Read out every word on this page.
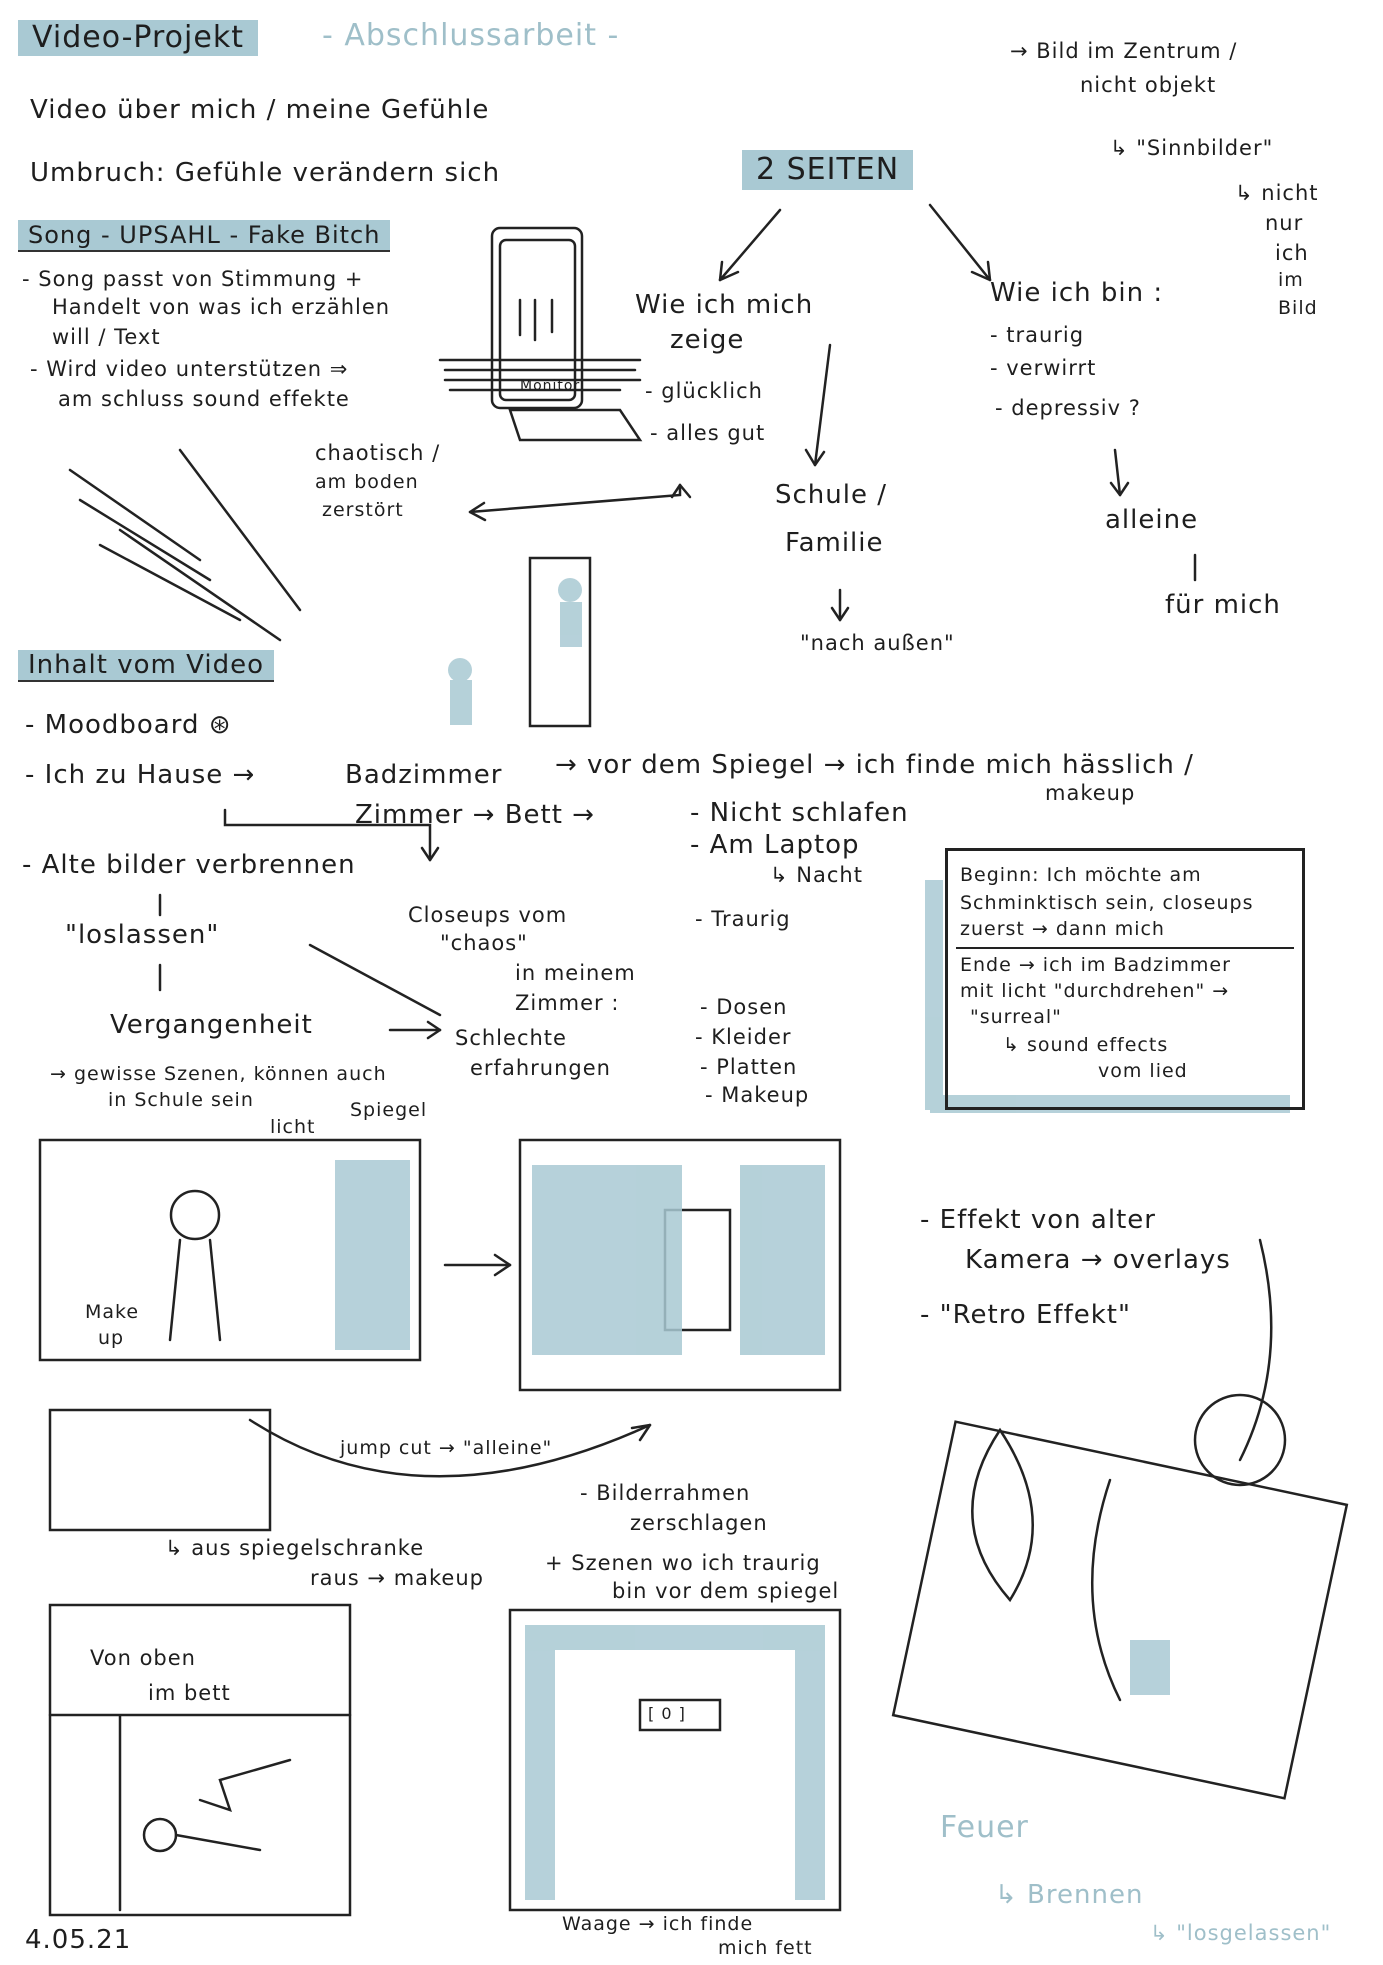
Video-Projekt	- Abschlussarbeit -
Video über mich / meine Gefühle
Umbruch: Gefühle verändern sich
→ Bild im Zentrum /
nicht objekt
↳ "Sinnbilder"
↳ nicht
nur
ich
im
Bild
2 SEITEN
Wie ich mich
zeige
- glücklich
- alles gut
Schule /
Familie
"nach außen"
Wie ich bin :
- traurig
- verwirrt
- depressiv ?
alleine
für mich
Song - UPSAHL - Fake Bitch
- Song passt von Stimmung +
Handelt von was ich erzählen
will / Text
- Wird video unterstützen ⇒
am schluss sound effekte
Monitor
chaotisch /
am boden
zerstört
Inhalt vom Video
- Moodboard ⊛
- Ich zu Hause →	Badzimmer → vor dem Spiegel → ich finde mich hässlich /
makeup
Zimmer → Bett →	- Nicht schlafen
- Am Laptop
↳ Nacht
- Traurig
- Alte bilder verbrennen
"loslassen"
Vergangenheit
→ gewisse Szenen, können auch
in Schule sein
Closeups vom
"chaos"
in meinem
Zimmer :	- Dosen
- Kleider
- Platten
- Makeup
Schlechte
erfahrungen
Beginn: Ich möchte am
Schminktisch sein, closeups
zuerst → dann mich
Ende → ich im Badzimmer
mit licht "durchdrehen" →
"surreal"
↳ sound effects
vom lied
licht
Spiegel
Make
up
- Effekt von alter
Kamera → overlays
- "Retro Effekt"
jump cut → "alleine"
↳ aus spiegelschranke
raus → makeup
- Bilderrahmen
zerschlagen
+ Szenen wo ich traurig
bin vor dem spiegel
Von oben
im bett
[ 0 ]
Waage → ich finde
mich fett
Feuer
↳ Brennen
↳ "losgelassen"
4.05.21
